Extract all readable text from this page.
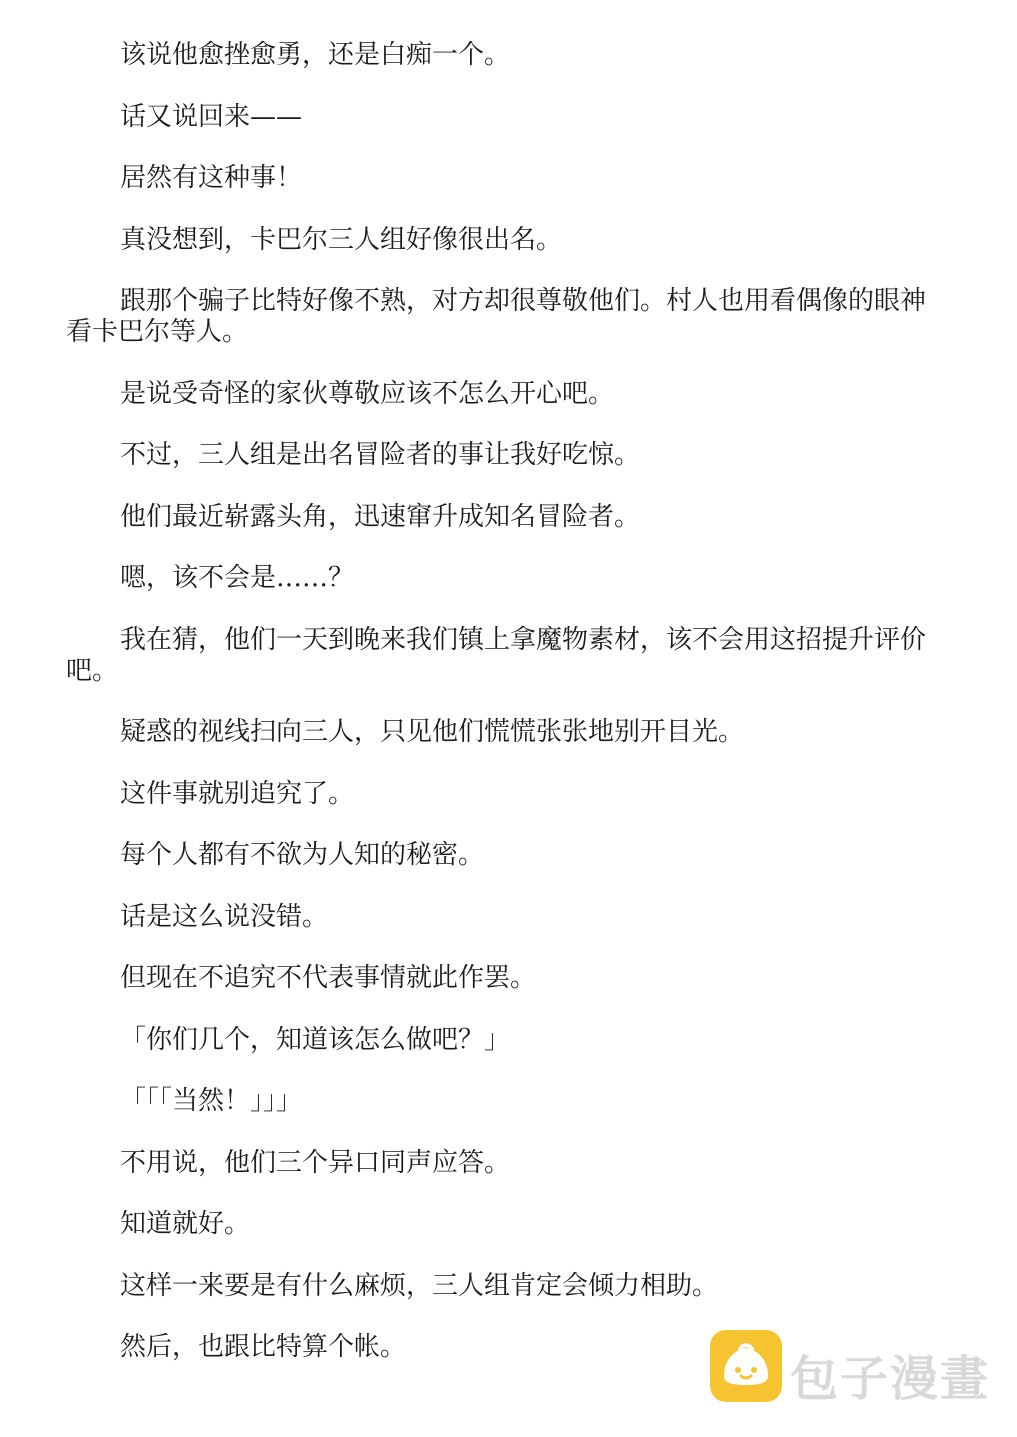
该说他愈挫愈勇，还是白痴一个。

话又说回来——

居然有这种事！

真没想到，卡巴尔三人组好像很出名。

跟那个骗子比特好像不熟，对方却很尊敬他们。村人也用看偶像的眼神看卡巴尔等人。

是说受奇怪的家伙尊敬应该不怎么开心吧。

不过，三人组是出名冒险者的事让我好吃惊。

他们最近崭露头角，迅速窜升成知名冒险者。

嗯，该不会是……？

我在猜，他们一天到晚来我们镇上拿魔物素材，该不会用这招提升评价吧。

疑惑的视线扫向三人，只见他们慌慌张张地别开目光。

这件事就别追究了。

每个人都有不欲为人知的秘密。

话是这么说没错。

但现在不追究不代表事情就此作罢。

「你们几个，知道该怎么做吧？」

「「「当然！」」」

不用说，他们三个异口同声应答。

知道就好。

这样一来要是有什么麻烦，三人组肯定会倾力相助。

然后，也跟比特算个帐。

包子漫畫
